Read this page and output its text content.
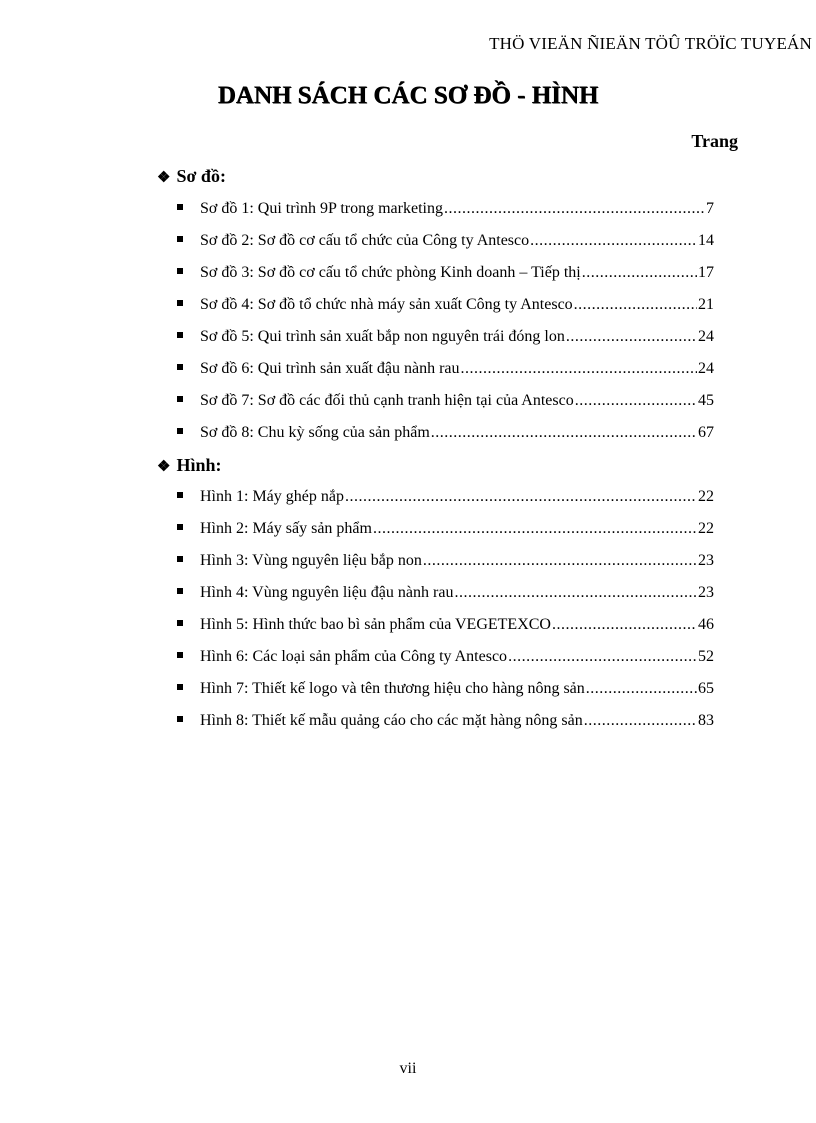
THÖ VIEÄN ÑIEÄN TÖÛ TRÖÏC TUYEÁN
DANH SÁCH CÁC SƠ ĐỒ - HÌNH
Trang
❖ Sơ đồ:
Sơ đồ 1: Qui trình 9P trong marketing .....	7
Sơ đồ 2: Sơ đồ cơ cấu tổ chức của Công ty Antesco .....	14
Sơ đồ 3: Sơ đồ cơ cấu tổ chức phòng Kinh doanh – Tiếp thị .....	17
Sơ đồ 4: Sơ đồ tổ chức nhà máy sản xuất Công ty Antesco .....	21
Sơ đồ 5: Qui trình sản xuất bắp non nguyên trái đóng lon .....	24
Sơ đồ 6: Qui trình sản xuất đậu nành rau .....	24
Sơ đồ 7: Sơ đồ các đối thủ cạnh tranh hiện tại của Antesco .....	45
Sơ đồ 8: Chu kỳ sống của sản phẩm .....	67
❖ Hình:
Hình 1: Máy ghép nắp .....	22
Hình 2: Máy sấy sản phẩm .....	22
Hình 3: Vùng nguyên liệu bắp non .....	23
Hình 4: Vùng nguyên liệu đậu nành rau .....	23
Hình 5: Hình thức bao bì sản phẩm của VEGETEXCO .....	46
Hình 6: Các loại sản phẩm của Công ty Antesco .....	52
Hình 7: Thiết kế logo và tên thương hiệu cho hàng nông sản .....	65
Hình 8: Thiết kế mẫu quảng cáo cho các mặt hàng nông sản .....	83
vii
